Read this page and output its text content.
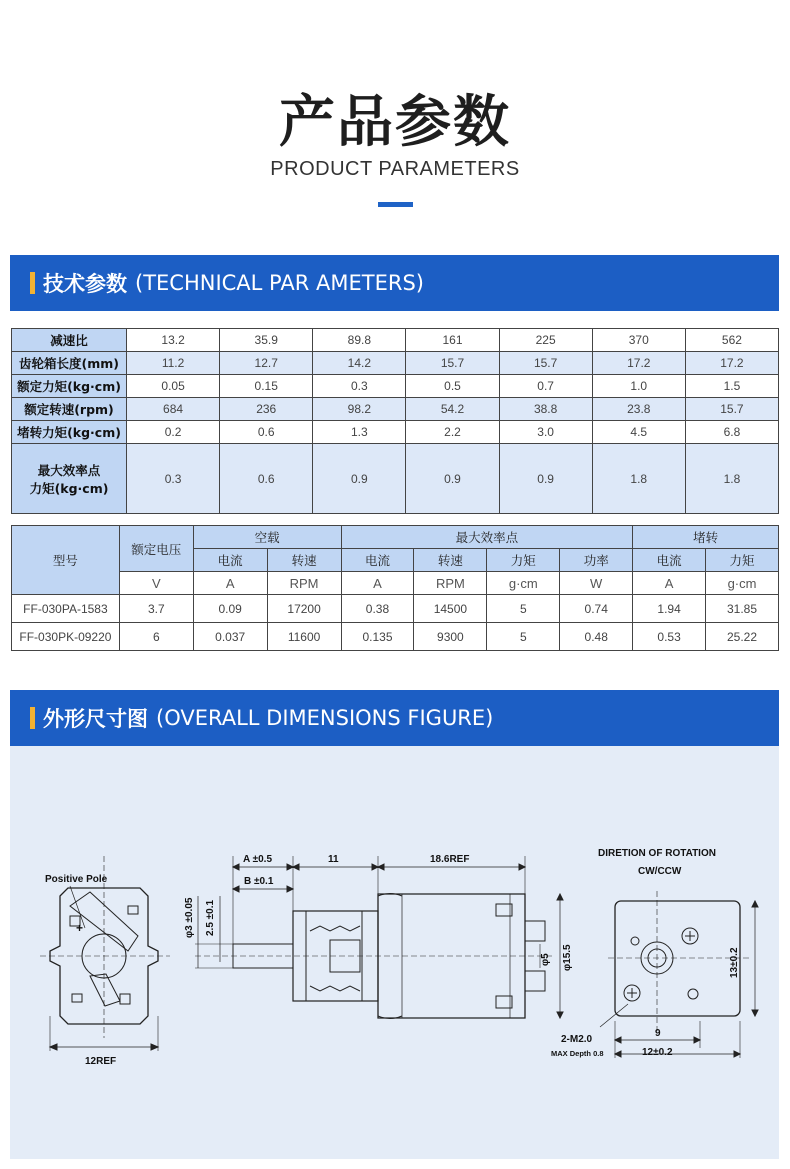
产品参数
PRODUCT PARAMETERS
技术参数 (TECHNICAL PAR AMETERS)
减速比	13.2	35.9	89.8	161	225	370	562
齿轮箱长度(mm)	11.2	12.7	14.2	15.7	15.7	17.2	17.2
额定力矩(kg·cm)	0.05	0.15	0.3	0.5	0.7	1.0	1.5
额定转速(rpm)	684	236	98.2	54.2	38.8	23.8	15.7
堵转力矩(kg·cm)	0.2	0.6	1.3	2.2	3.0	4.5	6.8

最大效率点
力矩(kg·cm)	0.3	0.6	0.9	0.9	0.9	1.8	1.8
型号	额定电压	空载		最大效率点				堵转	
		电流	转速	电流	转速	力矩	功率	电流	力矩
	V	A	RPM	A	RPM	g·cm	W	A	g·cm
FF-030PA-1583	3.7	0.09	17200	0.38	14500	5	0.74	1.94	31.85
FF-030PK-09220	6	0.037	11600	0.135	9300	5	0.48	0.53	25.22
外形尺寸图 (OVERALL DIMENSIONS FIGURE)
Positive Pole
+
12REF
A ±0.5	11	18.6REF
B ±0.1
φ3 ±0.05 2.5 ±0.1
φ5 φ15.5
DIRETION OF ROTATION
CW/CCW
13±0.2
9
12±0.2
2-M2.0
MAX Depth 0.8
